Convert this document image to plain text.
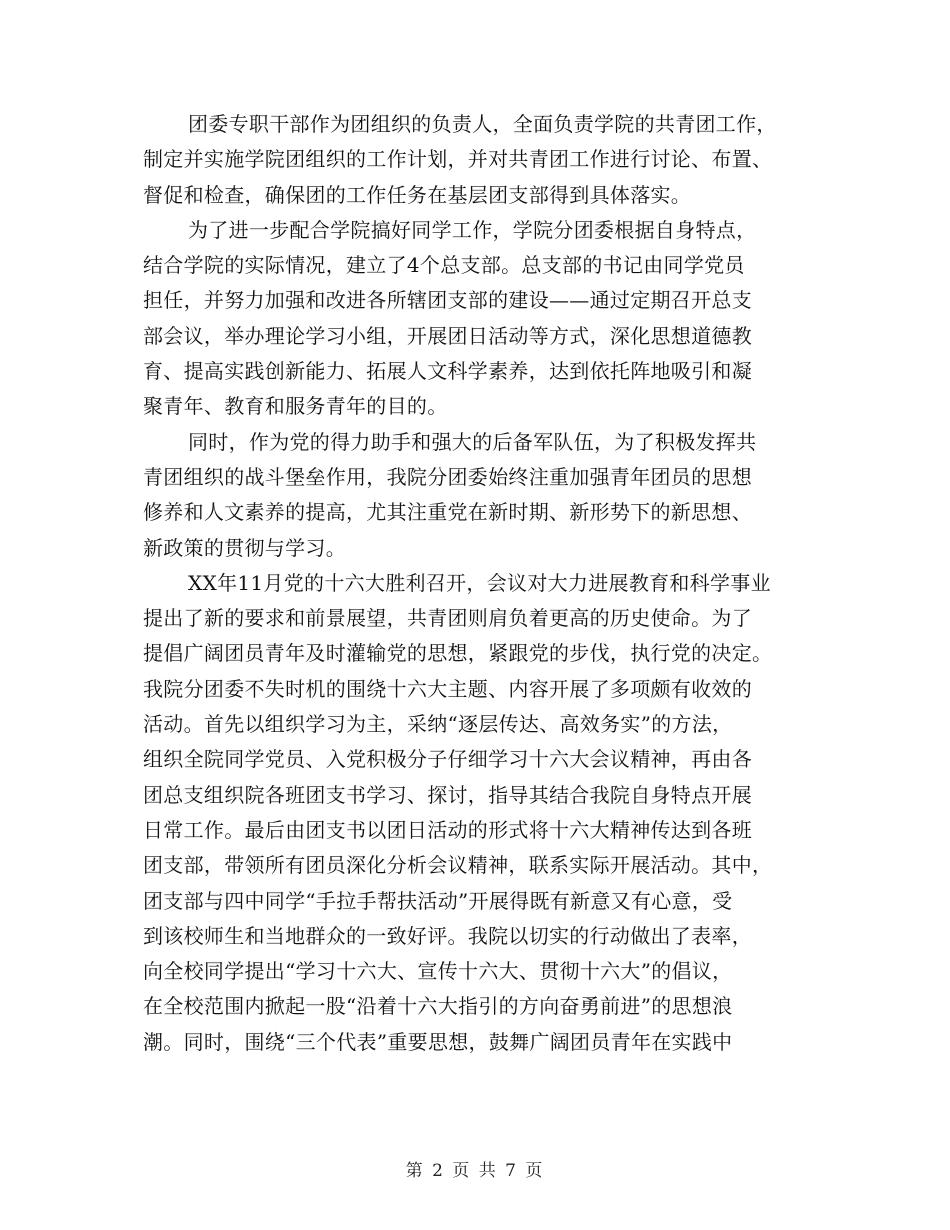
团委专职干部作为团组织的负责人，全面负责学院的共青团工作，
制定并实施学院团组织的工作计划，并对共青团工作进行讨论、布置、
督促和检查，确保团的工作任务在基层团支部得到具体落实。
为了进一步配合学院搞好同学工作，学院分团委根据自身特点，
结合学院的实际情况，建立了4个总支部。总支部的书记由同学党员
担任，并努力加强和改进各所辖团支部的建设——通过定期召开总支
部会议，举办理论学习小组，开展团日活动等方式，深化思想道德教
育、提高实践创新能力、拓展人文科学素养，达到依托阵地吸引和凝
聚青年、教育和服务青年的目的。
同时，作为党的得力助手和强大的后备军队伍，为了积极发挥共
青团组织的战斗堡垒作用，我院分团委始终注重加强青年团员的思想
修养和人文素养的提高，尤其注重党在新时期、新形势下的新思想、
新政策的贯彻与学习。
XX年11月党的十六大胜利召开，会议对大力进展教育和科学事业
提出了新的要求和前景展望，共青团则肩负着更高的历史使命。为了
提倡广阔团员青年及时灌输党的思想，紧跟党的步伐，执行党的决定。
我院分团委不失时机的围绕十六大主题、内容开展了多项颇有收效的
活动。首先以组织学习为主，采纳“逐层传达、高效务实”的方法，
组织全院同学党员、入党积极分子仔细学习十六大会议精神，再由各
团总支组织院各班团支书学习、探讨，指导其结合我院自身特点开展
日常工作。最后由团支书以团日活动的形式将十六大精神传达到各班
团支部，带领所有团员深化分析会议精神，联系实际开展活动。其中，
团支部与四中同学“手拉手帮扶活动”开展得既有新意又有心意，受
到该校师生和当地群众的一致好评。我院以切实的行动做出了表率，
向全校同学提出“学习十六大、宣传十六大、贯彻十六大”的倡议，
在全校范围内掀起一股“沿着十六大指引的方向奋勇前进”的思想浪
潮。同时，围绕“三个代表”重要思想，鼓舞广阔团员青年在实践中
第 2 页 共 7 页
